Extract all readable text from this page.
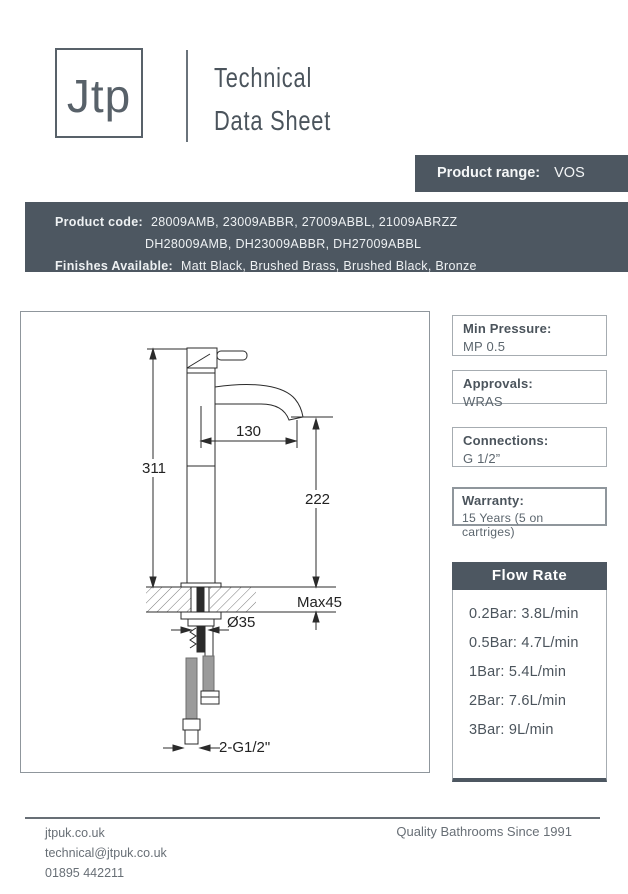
Jtp	Technical
Data Sheet
Product range: VOS
Product code: 28009AMB, 23009ABBR, 27009ABBL, 21009ABRZZ
DH28009AMB, DH23009ABBR, DH27009ABBL
Finishes Available: Matt Black, Brushed Brass, Brushed Black, Bronze
311
222
130
Max45
Ø35
2-G1/2"
Min Pressure:
MP 0.5
Approvals:
WRAS
Connections:
G 1/2”
Warranty:
15 Years (5 on cartriges)
Flow Rate
0.2Bar: 3.8L/min
0.5Bar: 4.7L/min
1Bar: 5.4L/min
2Bar: 7.6L/min
3Bar: 9L/min
jtpuk.co.uk
technical@jtpuk.co.uk
01895 442211
Quality Bathrooms Since 1991
